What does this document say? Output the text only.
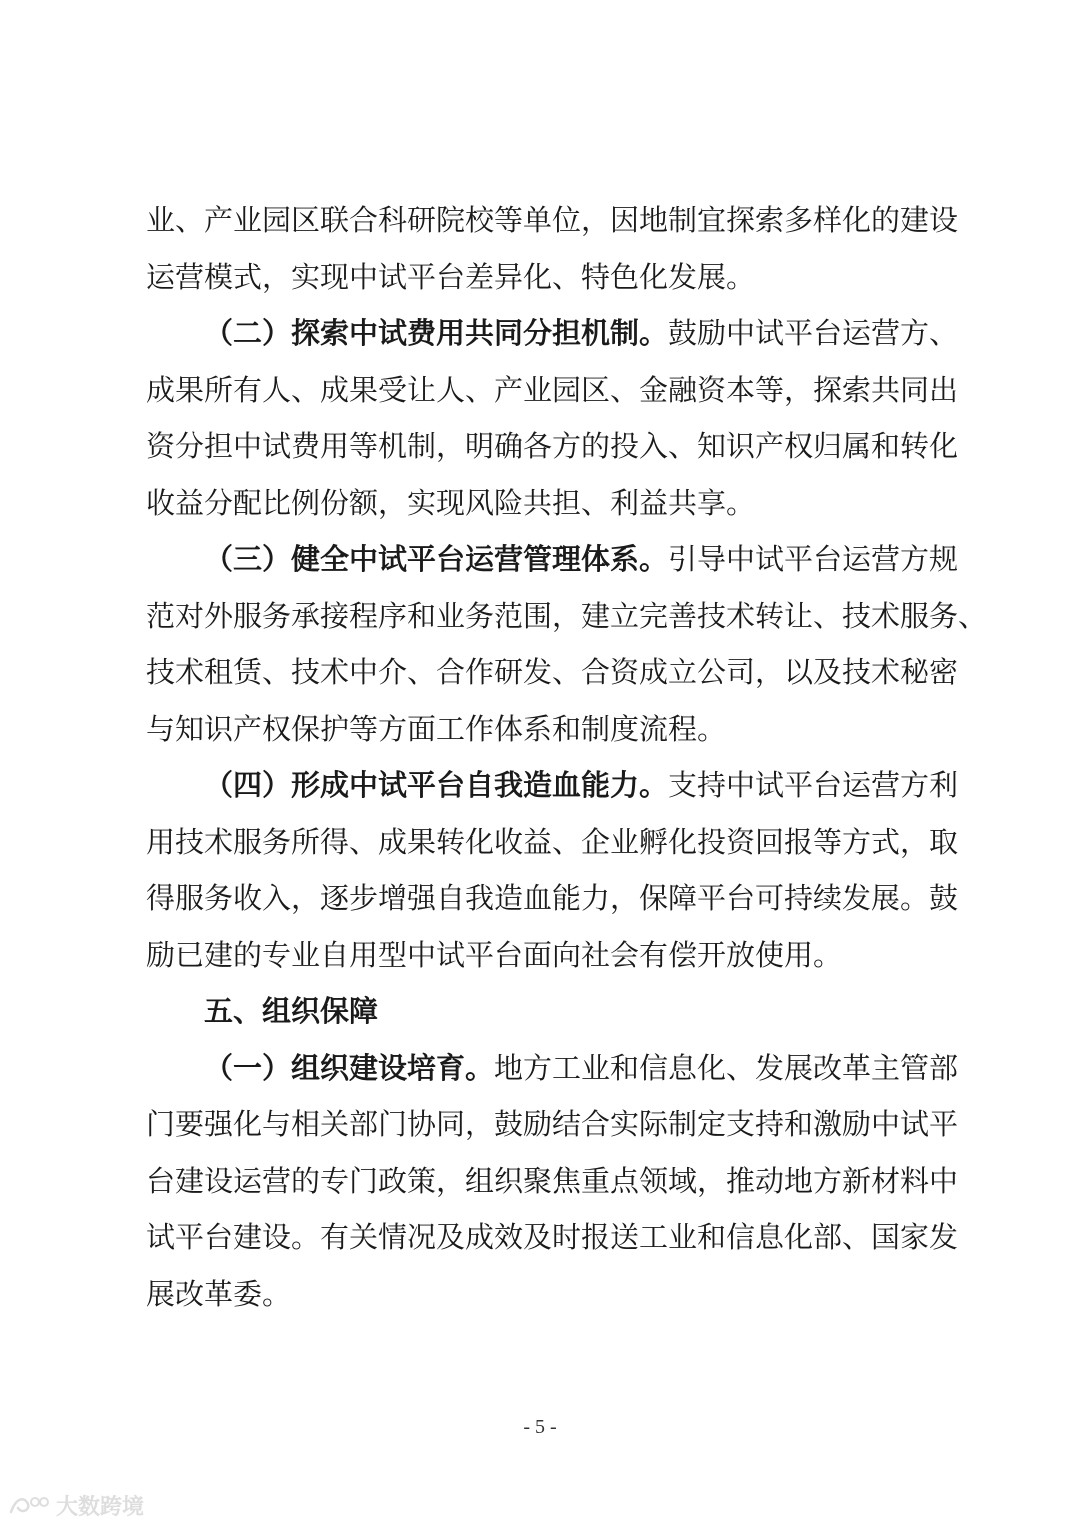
业、产业园区联合科研院校等单位，因地制宜探索多样化的建设
运营模式，实现中试平台差异化、特色化发展。
（二）探索中试费用共同分担机制。鼓励中试平台运营方、
成果所有人、成果受让人、产业园区、金融资本等，探索共同出
资分担中试费用等机制，明确各方的投入、知识产权归属和转化
收益分配比例份额，实现风险共担、利益共享。
（三）健全中试平台运营管理体系。引导中试平台运营方规
范对外服务承接程序和业务范围，建立完善技术转让、技术服务、
技术租赁、技术中介、合作研发、合资成立公司，以及技术秘密
与知识产权保护等方面工作体系和制度流程。
（四）形成中试平台自我造血能力。支持中试平台运营方利
用技术服务所得、成果转化收益、企业孵化投资回报等方式，取
得服务收入，逐步增强自我造血能力，保障平台可持续发展。鼓
励已建的专业自用型中试平台面向社会有偿开放使用。
五、组织保障
（一）组织建设培育。地方工业和信息化、发展改革主管部
门要强化与相关部门协同，鼓励结合实际制定支持和激励中试平
台建设运营的专门政策，组织聚焦重点领域，推动地方新材料中
试平台建设。有关情况及成效及时报送工业和信息化部、国家发
展改革委。
- 5 -
大数跨境
